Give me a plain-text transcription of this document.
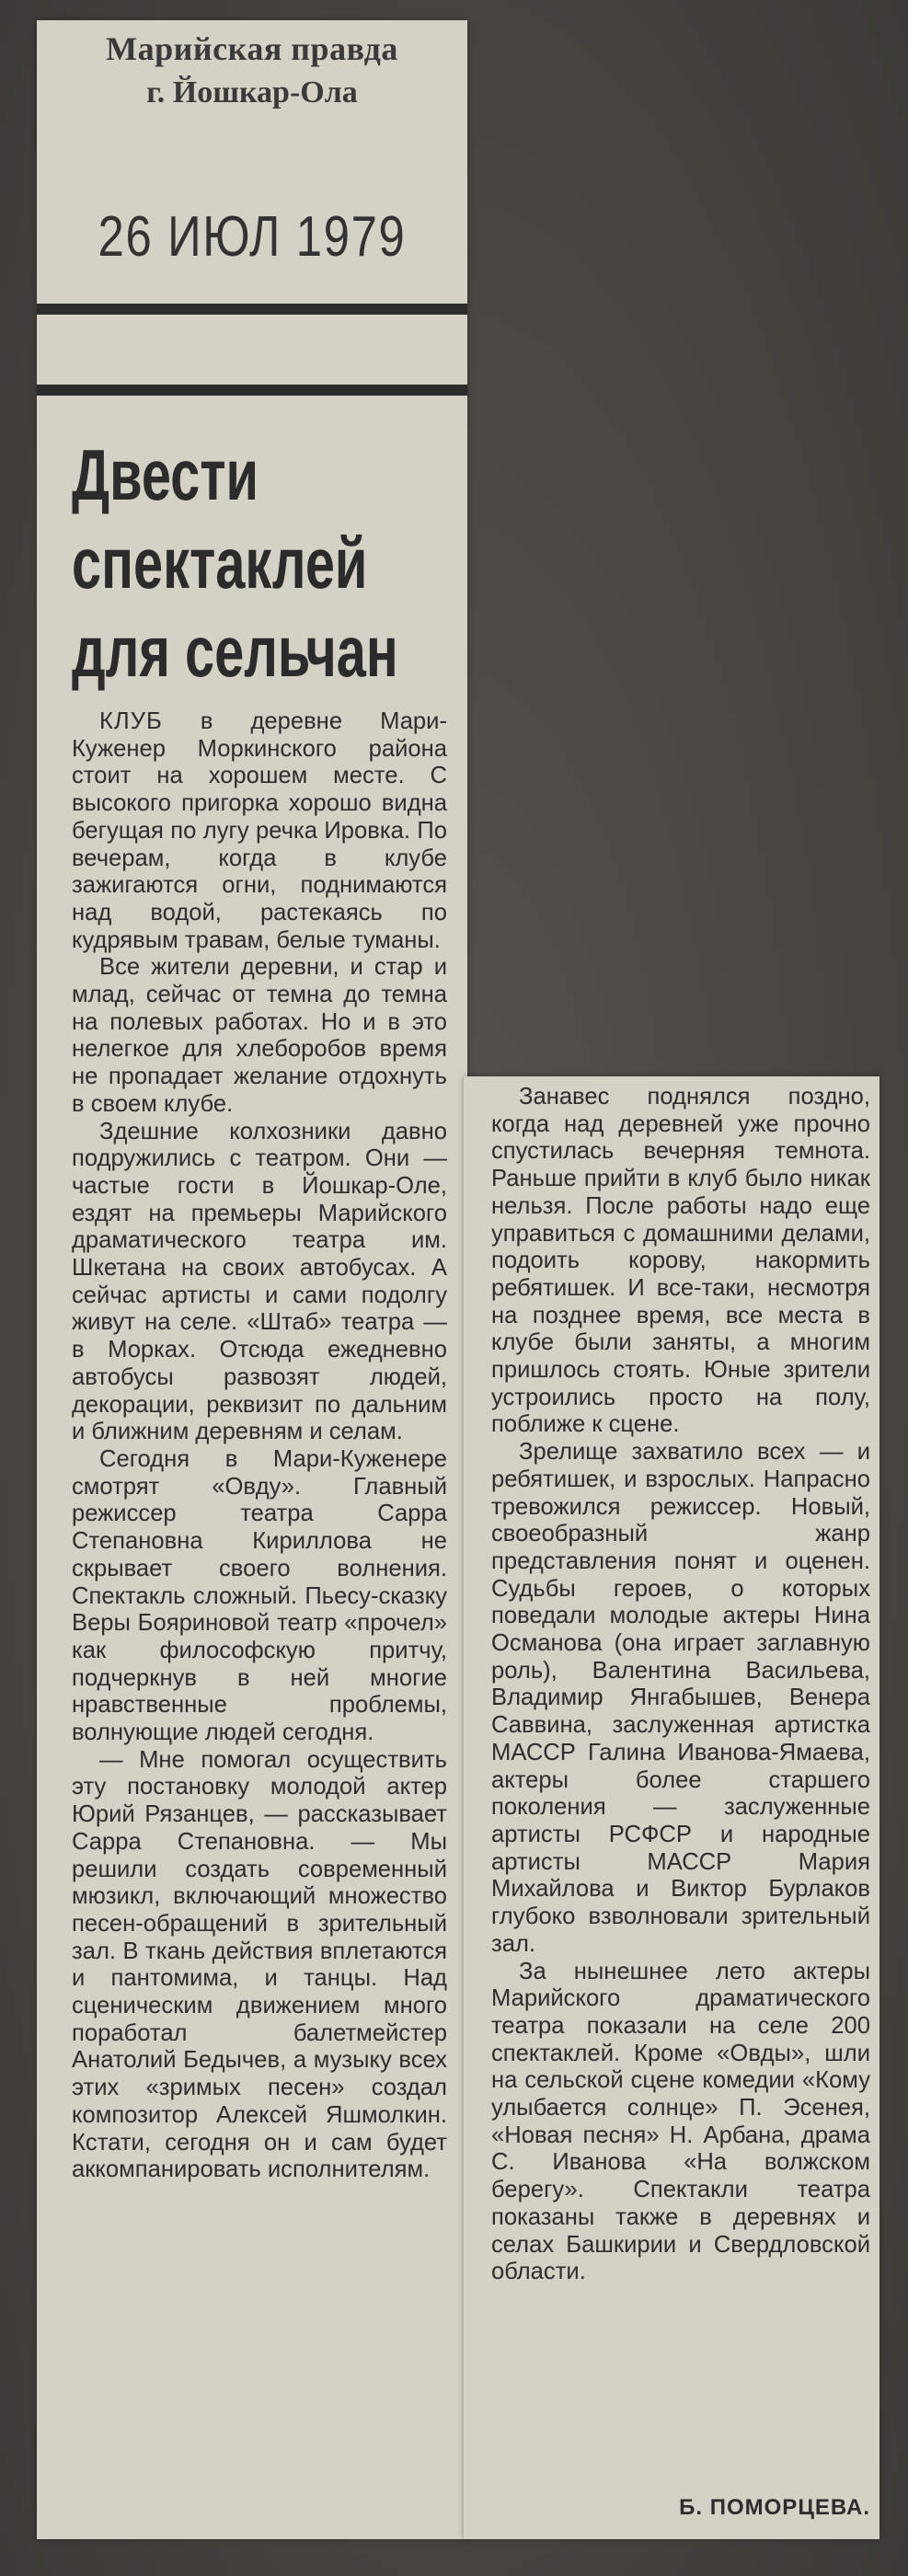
Марийская правда
г. Йошкар-Ола
26 ИЮЛ 1979
Двести
спектаклей
для сельчан

КЛУБ в деревне Мари-Кужeнер Моркинского района стоит на хорошем месте. С высокого пригорка хорошо видна бегущая по лугу речка Ировка. По вечерам, когда в клубе зажигаются огни, поднимаются над водой, растекаясь по кудрявым травам, белые туманы.

Все жители деревни, и стар и млад, сейчас от темна до темна на полевых работах. Но и в это нелегкое для хлеборобов время не пропадает желание отдохнуть в своем клубе.

Здешние колхозники давно подружились с театром. Они — частые гости в Йошкар-Оле, ездят на премьеры Марийского драматического театра им. Шкетана на своих автобусах. А сейчас артисты и сами подолгу живут на селе. «Штаб» театра — в Морках. Отсюда ежедневно автобусы развозят людей, декорации, реквизит по дальним и ближним деревням и селам.

Сегодня в Мари-Кужeнере смотрят «Овду». Главный режиссер театра Сарра Степановна Кириллова не скрывает своего волнения. Спектакль сложный. Пьесу-сказку Веры Бояриновой театр «прочел» как философскую притчу, подчеркнув в ней многие нравственные проблемы, волнующие людей сегодня.

— Мне помогал осуществить эту постановку молодой актер Юрий Рязанцев, — рассказывает Сарра Степановна. — Мы решили создать современный мюзикл, включающий множество песен-обращений в зрительный зал. В ткань действия вплетаются и пантомима, и танцы. Над сценическим движением много поработал балетмейстер Анатолий Бедычев, а музыку всех этих «зримых песен» создал композитор Алексей Яшмолкин. Кстати, сегодня он и сам будет аккомпанировать исполнителям.

Занавес поднялся поздно, когда над деревней уже прочно спустилась вечерняя темнота. Раньше прийти в клуб было никак нельзя. После работы надо еще управиться с домашними делами, подоить корову, накормить ребятишек. И все-таки, несмотря на позднее время, все места в клубе были заняты, а многим пришлось стоять. Юные зрители устроились просто на полу, поближе к сцене.

Зрелище захватило всех — и ребятишек, и взрослых. Напрасно тревожился режиссер. Новый, своеобразный жанр представления понят и оценен. Судьбы героев, о которых поведали молодые актеры Нина Османова (она играет заглавную роль), Валентина Васильева, Владимир Янгабышев, Венера Саввина, заслуженная артистка МАССР Галина Иванова-Ямаева, актеры более старшего поколения — заслуженные артисты РСФСР и народные артисты МАССР Мария Михайлова и Виктор Бурлаков глубоко взволновали зрительный зал.

За нынешнее лето актеры Марийского драматического театра показали на селе 200 спектаклей. Кроме «Овды», шли на сельской сцене комедии «Кому улыбается солнце» П. Эсенея, «Новая песня» Н. Арбана, драма С. Иванова «На волжском берегу». Спектакли театра показаны также в деревнях и селах Башкирии и Свердловской области.

Б. ПОМОРЦЕВА.
